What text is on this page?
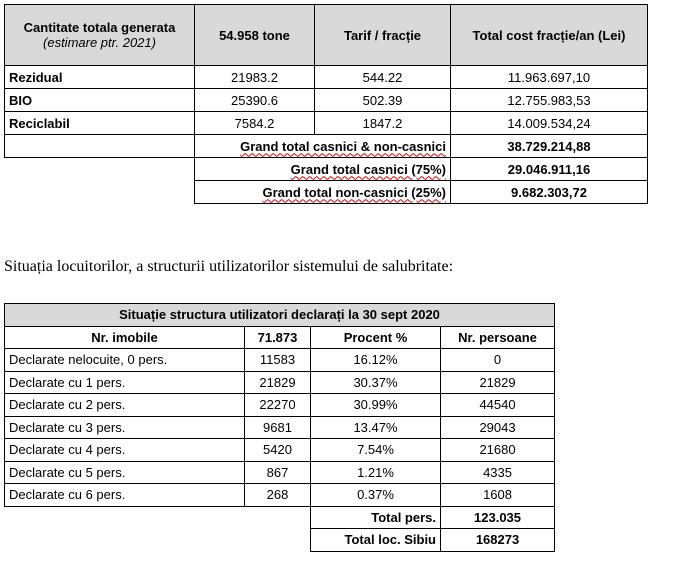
Cantitate totala generata (estimare ptr. 2021)	54.958 tone	Tarif / fracție	Total cost fracție/an (Lei)
Rezidual	21983.2	544.22	11.963.697,10
BIO	25390.6	502.39	12.755.983,53
Reciclabil	7584.2	1847.2	14.009.534,24
	Grand total casnici & non-casnici		38.729.214,88
	Grand total casnici (75%)		29.046.911,16
	Grand total non-casnici (25%)		9.682.303,72
Situația locuitorilor, a structurii utilizatorilor sistemului de salubritate:
Situație structura utilizatori declarați la 30 sept 2020			
Nr. imobile	71.873	Procent %	Nr. persoane
Declarate nelocuite, 0 pers.	11583	16.12%	0
Declarate cu 1 pers.	21829	30.37%	21829
Declarate cu 2 pers.	22270	30.99%	44540
Declarate cu 3 pers.	9681	13.47%	29043
Declarate cu 4 pers.	5420	7.54%	21680
Declarate cu 5 pers.	867	1.21%	4335
Declarate cu 6 pers.	268	0.37%	1608
		Total pers.	123.035
		Total loc. Sibiu	168273
